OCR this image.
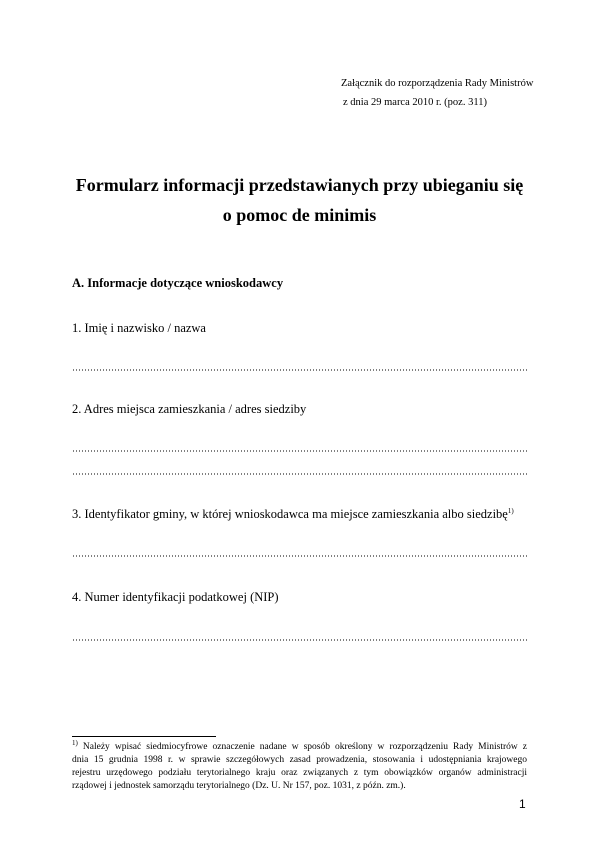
Załącznik do rozporządzenia Rady Ministrów
z dnia 29 marca 2010 r. (poz. 311)
Formularz informacji przedstawianych przy ubieganiu się
o pomoc de minimis
A. Informacje dotyczące wnioskodawcy
1. Imię i nazwisko / nazwa
2. Adres miejsca zamieszkania / adres siedziby
3. Identyfikator gminy, w której wnioskodawca ma miejsce zamieszkania albo siedzibę$^{1)}$
4. Numer identyfikacji podatkowej (NIP)
$^{1)}$ Należy wpisać siedmiocyfrowe oznaczenie nadane w sposób określony w rozporządzeniu Rady Ministrów z
dnia 15 grudnia 1998 r. w sprawie szczegółowych zasad prowadzenia, stosowania i udostępniania krajowego
rejestru urzędowego podziału terytorialnego kraju oraz związanych z tym obowiązków organów administracji
rządowej i jednostek samorządu terytorialnego (Dz. U. Nr 157, poz. 1031, z późn. zm.).
1
